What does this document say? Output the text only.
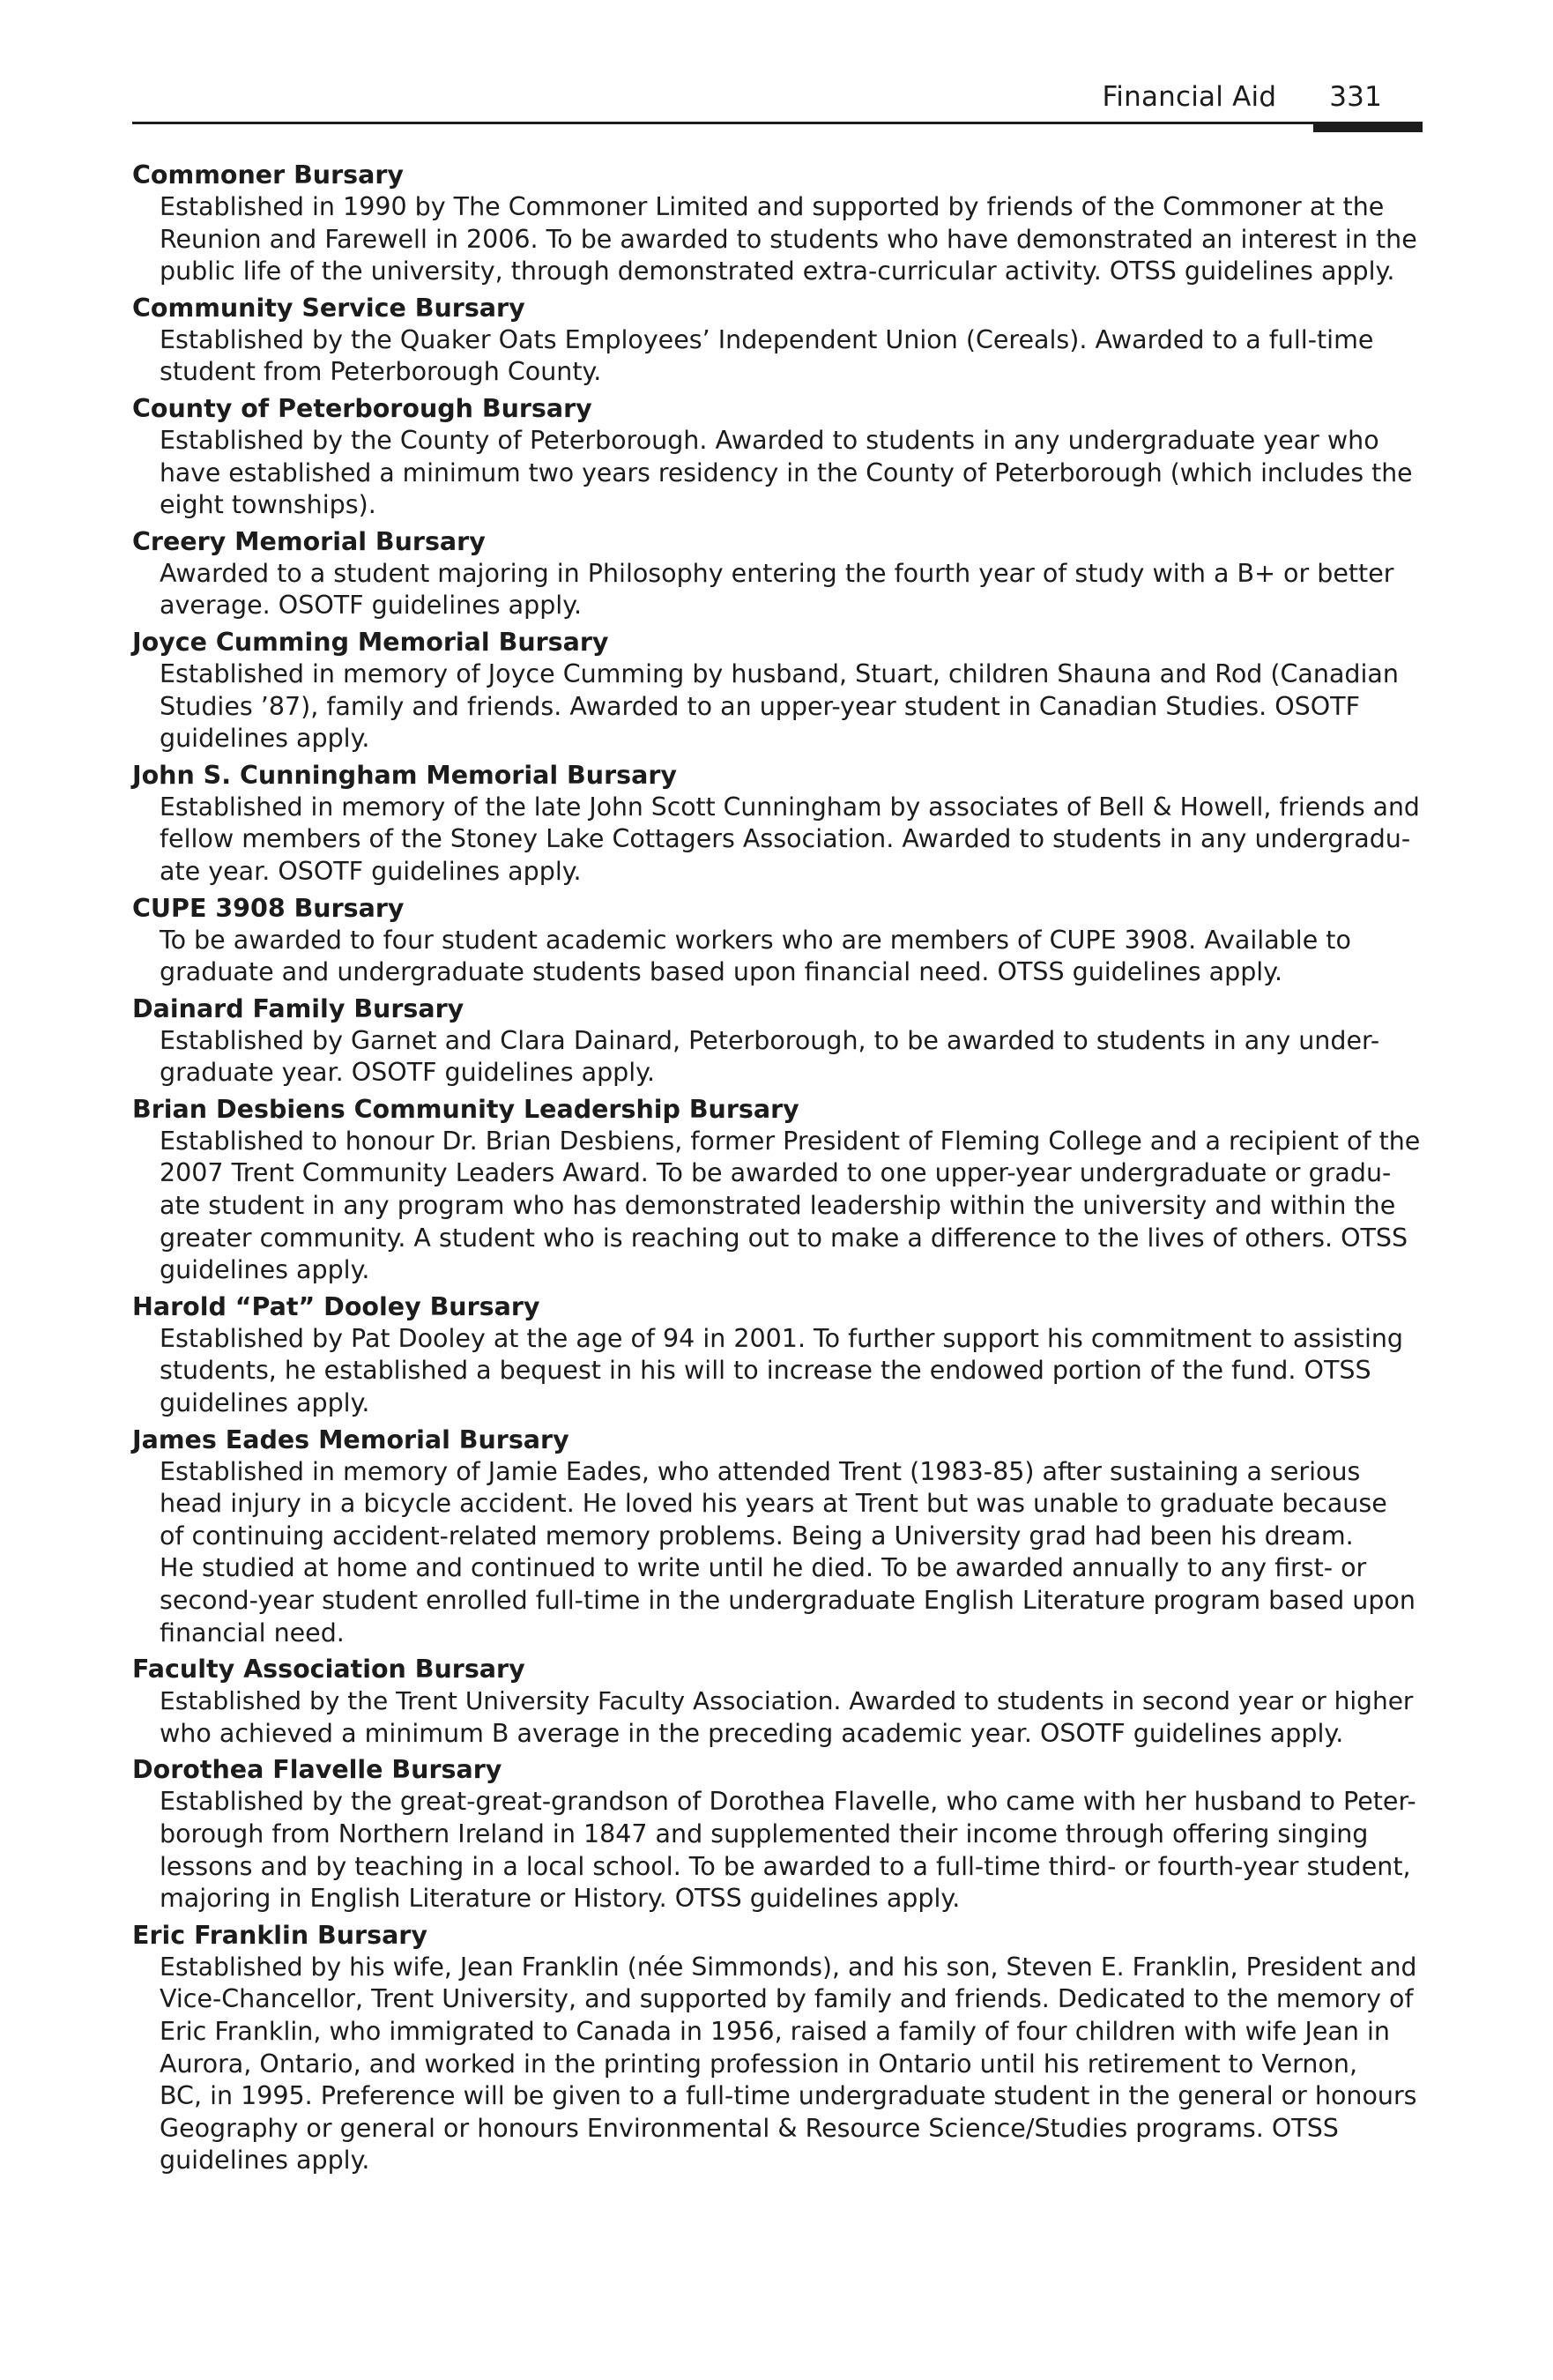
Financial Aid 331
Commoner Bursary
Established in 1990 by The Commoner Limited and supported by friends of the Commoner at the
Reunion and Farewell in 2006. To be awarded to students who have demonstrated an interest in the
public life of the university, through demonstrated extra-curricular activity. OTSS guidelines apply.
Community Service Bursary
Established by the Quaker Oats Employees’ Independent Union (Cereals). Awarded to a full-time
student from Peterborough County.
County of Peterborough Bursary
Established by the County of Peterborough. Awarded to students in any undergraduate year who
have established a minimum two years residency in the County of Peterborough (which includes the
eight townships).
Creery Memorial Bursary
Awarded to a student majoring in Philosophy entering the fourth year of study with a B+ or better
average. OSOTF guidelines apply.
Joyce Cumming Memorial Bursary
Established in memory of Joyce Cumming by husband, Stuart, children Shauna and Rod (Canadian
Studies ’87), family and friends. Awarded to an upper-year student in Canadian Studies. OSOTF
guidelines apply.
John S. Cunningham Memorial Bursary
Established in memory of the late John Scott Cunningham by associates of Bell & Howell, friends and
fellow members of the Stoney Lake Cottagers Association. Awarded to students in any undergradu-
ate year. OSOTF guidelines apply.
CUPE 3908 Bursary
To be awarded to four student academic workers who are members of CUPE 3908. Available to
graduate and undergraduate students based upon financial need. OTSS guidelines apply.
Dainard Family Bursary
Established by Garnet and Clara Dainard, Peterborough, to be awarded to students in any under-
graduate year. OSOTF guidelines apply.
Brian Desbiens Community Leadership Bursary
Established to honour Dr. Brian Desbiens, former President of Fleming College and a recipient of the
2007 Trent Community Leaders Award. To be awarded to one upper-year undergraduate or gradu-
ate student in any program who has demonstrated leadership within the university and within the
greater community. A student who is reaching out to make a difference to the lives of others. OTSS
guidelines apply.
Harold “Pat” Dooley Bursary
Established by Pat Dooley at the age of 94 in 2001. To further support his commitment to assisting
students, he established a bequest in his will to increase the endowed portion of the fund. OTSS
guidelines apply.
James Eades Memorial Bursary
Established in memory of Jamie Eades, who attended Trent (1983-85) after sustaining a serious
head injury in a bicycle accident. He loved his years at Trent but was unable to graduate because
of continuing accident-related memory problems. Being a University grad had been his dream.
He studied at home and continued to write until he died. To be awarded annually to any first- or
second-year student enrolled full-time in the undergraduate English Literature program based upon
financial need.
Faculty Association Bursary
Established by the Trent University Faculty Association. Awarded to students in second year or higher
who achieved a minimum B average in the preceding academic year. OSOTF guidelines apply.
Dorothea Flavelle Bursary
Established by the great-great-grandson of Dorothea Flavelle, who came with her husband to Peter-
borough from Northern Ireland in 1847 and supplemented their income through offering singing
lessons and by teaching in a local school. To be awarded to a full-time third- or fourth-year student,
majoring in English Literature or History. OTSS guidelines apply.
Eric Franklin Bursary
Established by his wife, Jean Franklin (née Simmonds), and his son, Steven E. Franklin, President and
Vice-Chancellor, Trent University, and supported by family and friends. Dedicated to the memory of
Eric Franklin, who immigrated to Canada in 1956, raised a family of four children with wife Jean in
Aurora, Ontario, and worked in the printing profession in Ontario until his retirement to Vernon,
BC, in 1995. Preference will be given to a full-time undergraduate student in the general or honours
Geography or general or honours Environmental & Resource Science/Studies programs. OTSS
guidelines apply.
